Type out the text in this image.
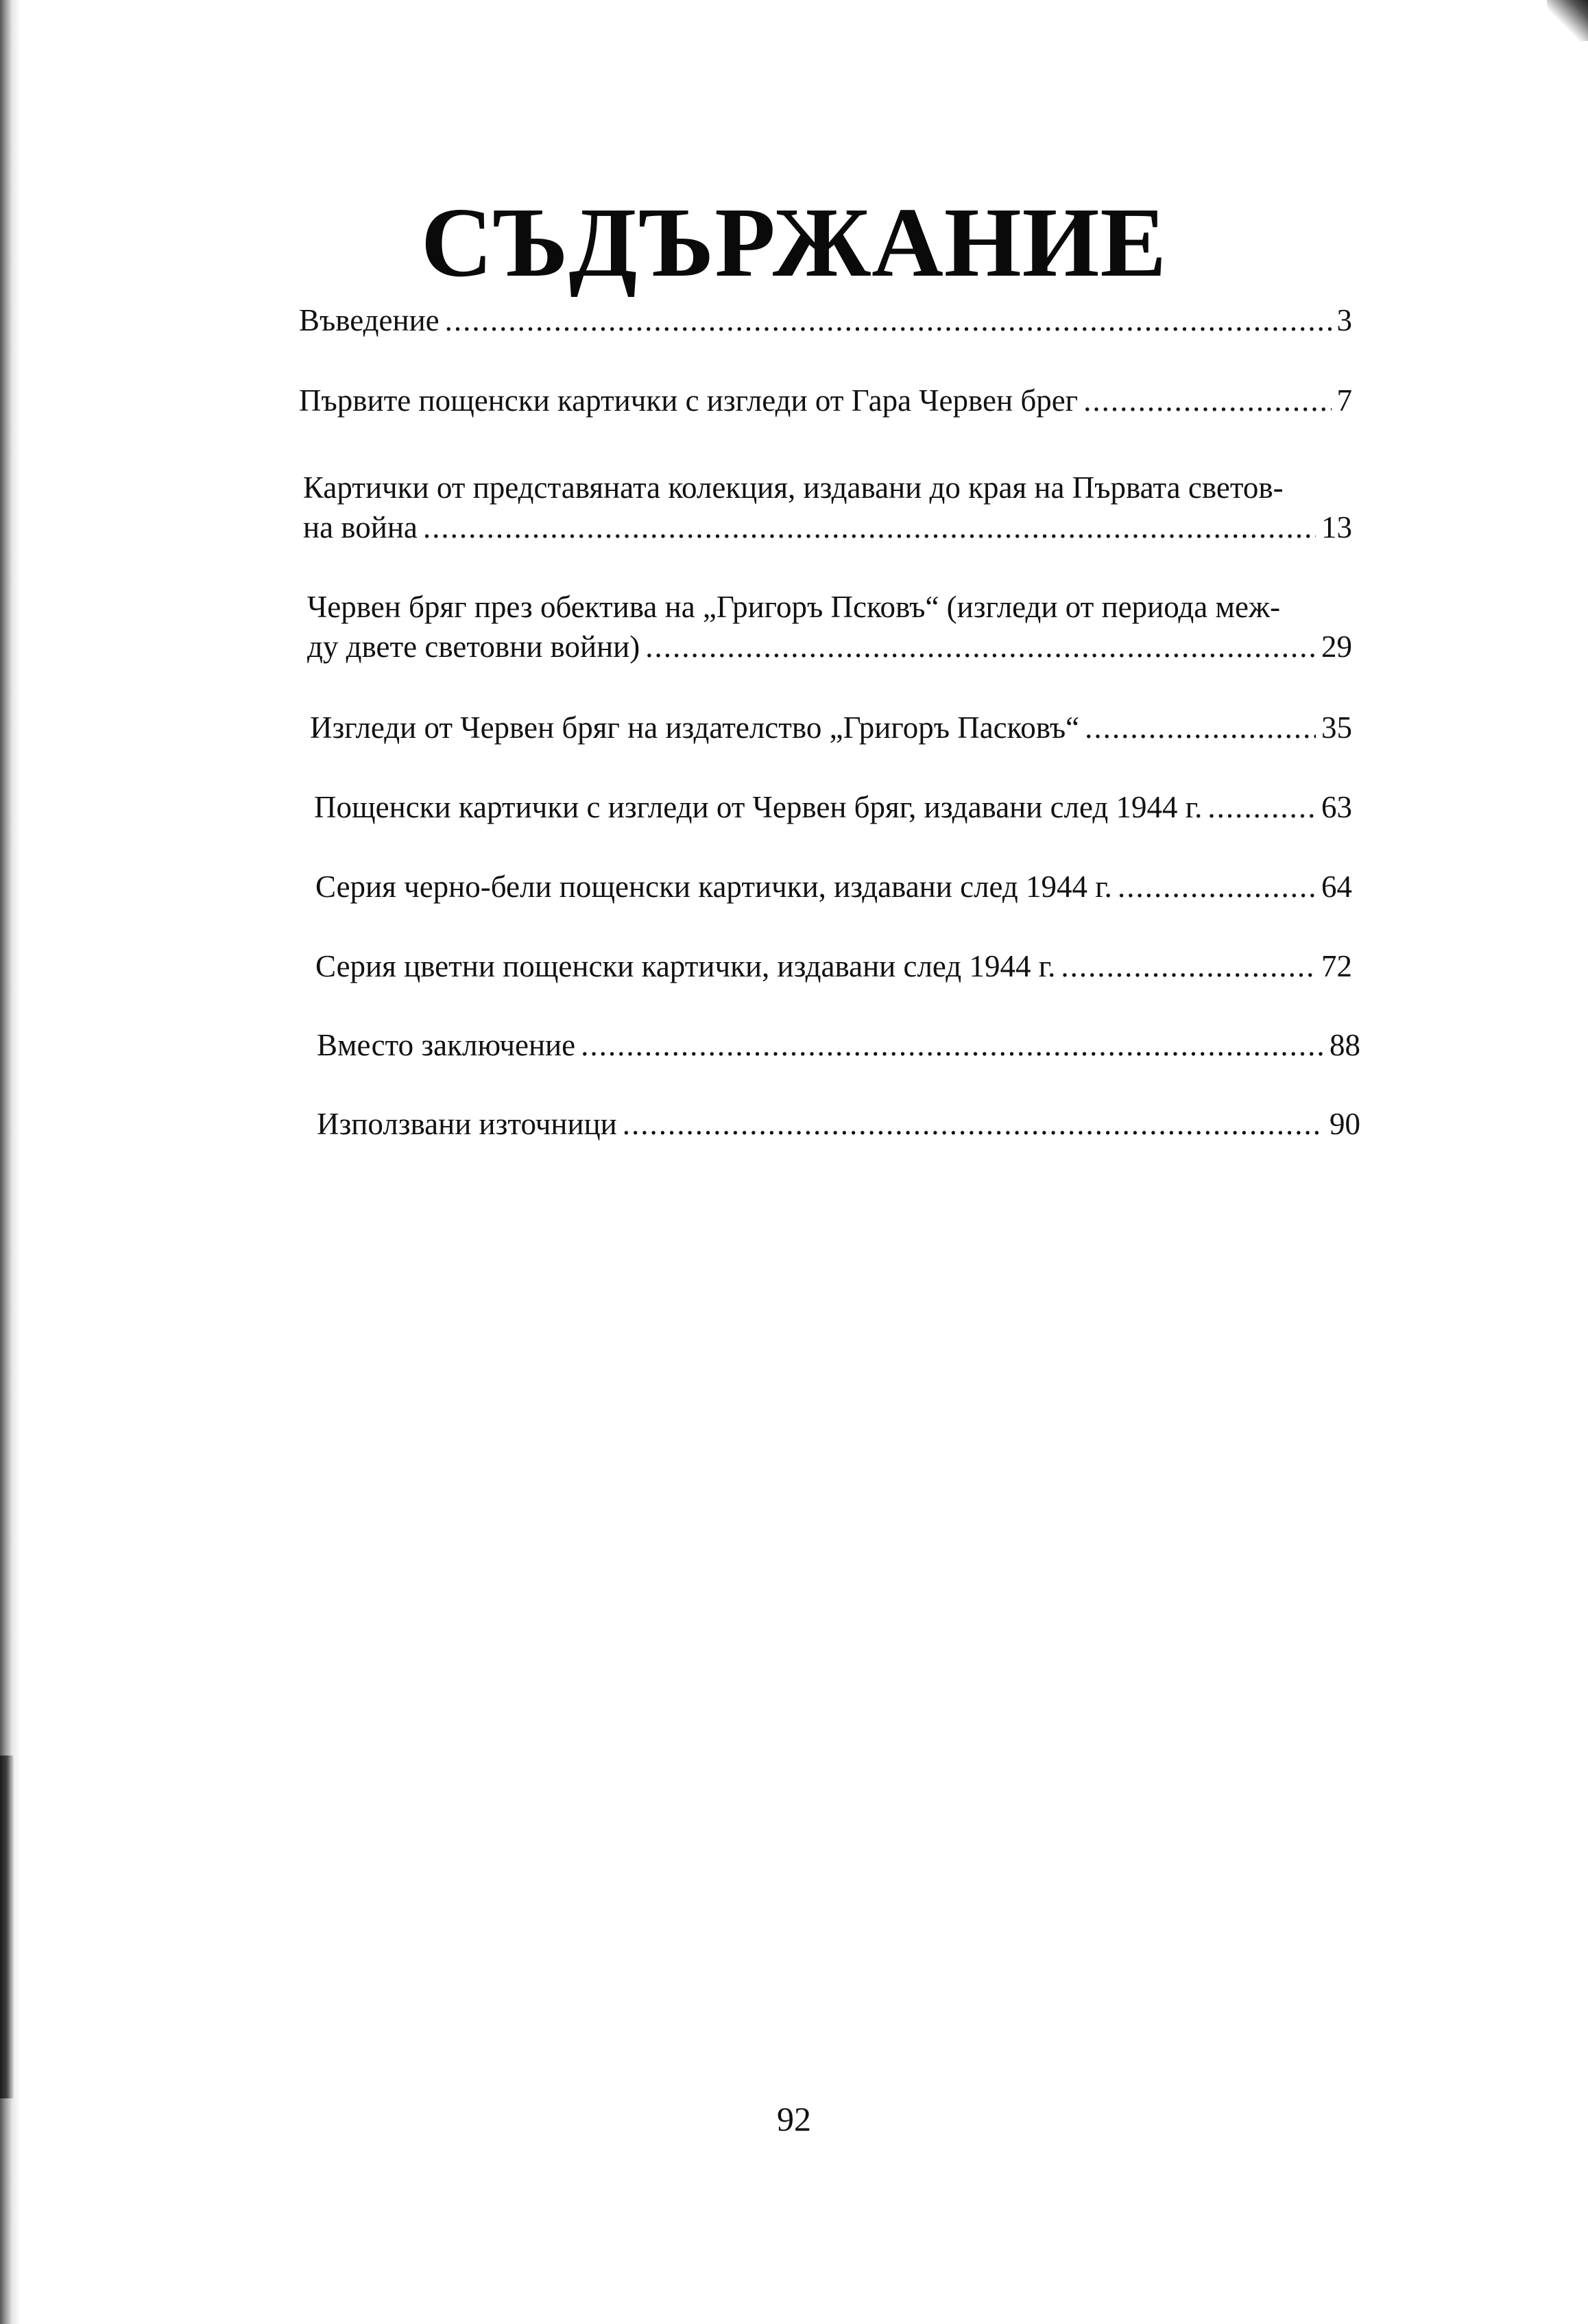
СЪДЪРЖАНИЕ
Въведение .....	3
Първите пощенски картички с изгледи от Гара Червен брег .....	7
Картички от представяната колекция, издавани до края на Първата светов-
на война .....	13
Червен бряг през обектива на „Григоръ Псковъ“ (изгледи от периода меж-
ду двете световни войни) .....	29
Изгледи от Червен бряг на издателство „Григоръ Пасковъ“ .....	35
Пощенски картички с изгледи от Червен бряг, издавани след 1944 г. .....	63
Серия черно-бели пощенски картички, издавани след 1944 г. .....	64
Серия цветни пощенски картички, издавани след 1944 г. .....	72
Вместо заключение .....	88
Използвани източници .....	90
92
